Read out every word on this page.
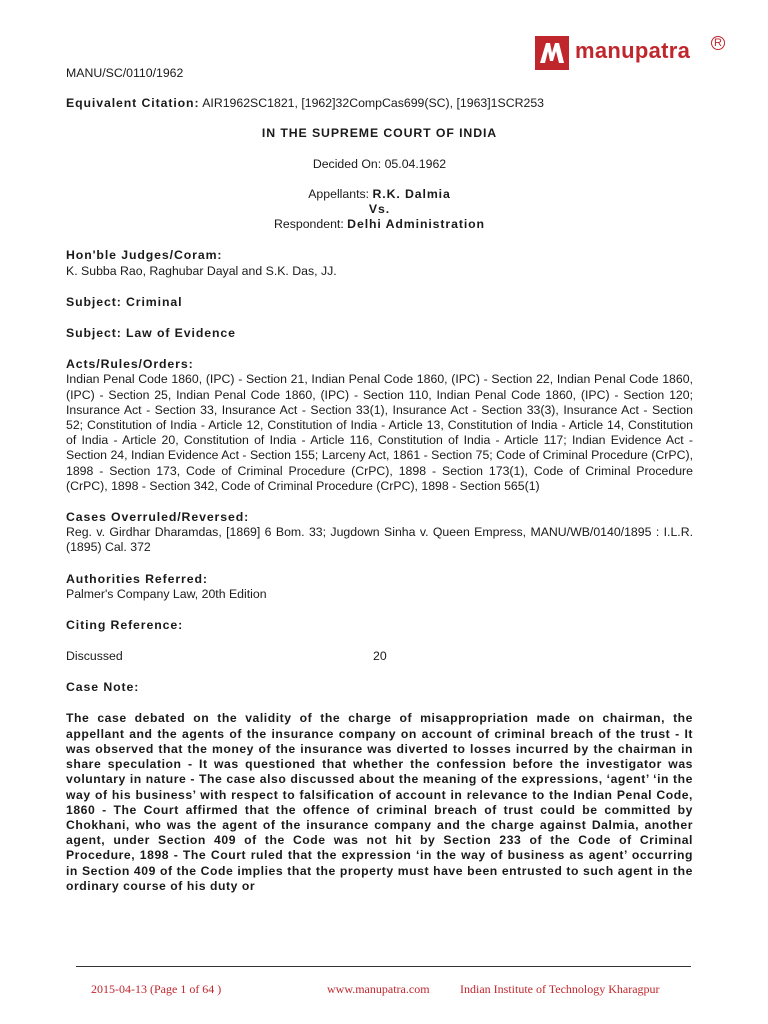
manupatra R
MANU/SC/0110/1962
Equivalent Citation: AIR1962SC1821, [1962]32CompCas699(SC), [1963]1SCR253
IN THE SUPREME COURT OF INDIA
Decided On: 05.04.1962
Appellants: R.K. Dalmia
Vs.
Respondent: Delhi Administration
Hon'ble Judges/Coram:
K. Subba Rao, Raghubar Dayal and S.K. Das, JJ.
Subject: Criminal
Subject: Law of Evidence
Acts/Rules/Orders:
Indian Penal Code 1860, (IPC) - Section 21, Indian Penal Code 1860, (IPC) - Section 22, Indian Penal Code 1860, (IPC) - Section 25, Indian Penal Code 1860, (IPC) - Section 110, Indian Penal Code 1860, (IPC) - Section 120; Insurance Act - Section 33, Insurance Act - Section 33(1), Insurance Act - Section 33(3), Insurance Act - Section 52; Constitution of India - Article 12, Constitution of India - Article 13, Constitution of India - Article 14, Constitution of India - Article 20, Constitution of India - Article 116, Constitution of India - Article 117; Indian Evidence Act - Section 24, Indian Evidence Act - Section 155; Larceny Act, 1861 - Section 75; Code of Criminal Procedure (CrPC), 1898 - Section 173, Code of Criminal Procedure (CrPC), 1898 - Section 173(1), Code of Criminal Procedure (CrPC), 1898 - Section 342, Code of Criminal Procedure (CrPC), 1898 - Section 565(1)
Cases Overruled/Reversed:
Reg. v. Girdhar Dharamdas, [1869] 6 Bom. 33; Jugdown Sinha v. Queen Empress, MANU/WB/0140/1895 : I.L.R. (1895) Cal. 372
Authorities Referred:
Palmer's Company Law, 20th Edition
Citing Reference:
Discussed	20
Case Note:
The case debated on the validity of the charge of misappropriation made on chairman, the appellant and the agents of the insurance company on account of criminal breach of the trust - It was observed that the money of the insurance was diverted to losses incurred by the chairman in share speculation - It was questioned that whether the confession before the investigator was voluntary in nature - The case also discussed about the meaning of the expressions, ‘agent’ ‘in the way of his business’ with respect to falsification of account in relevance to the Indian Penal Code, 1860 - The Court affirmed that the offence of criminal breach of trust could be committed by Chokhani, who was the agent of the insurance company and the charge against Dalmia, another agent, under Section 409 of the Code was not hit by Section 233 of the Code of Criminal Procedure, 1898 - The Court ruled that the expression ‘in the way of business as agent’ occurring in Section 409 of the Code implies that the property must have been entrusted to such agent in the ordinary course of his duty or
2015-04-13 (Page 1 of 64 )	www.manupatra.com	Indian Institute of Technology Kharagpur
